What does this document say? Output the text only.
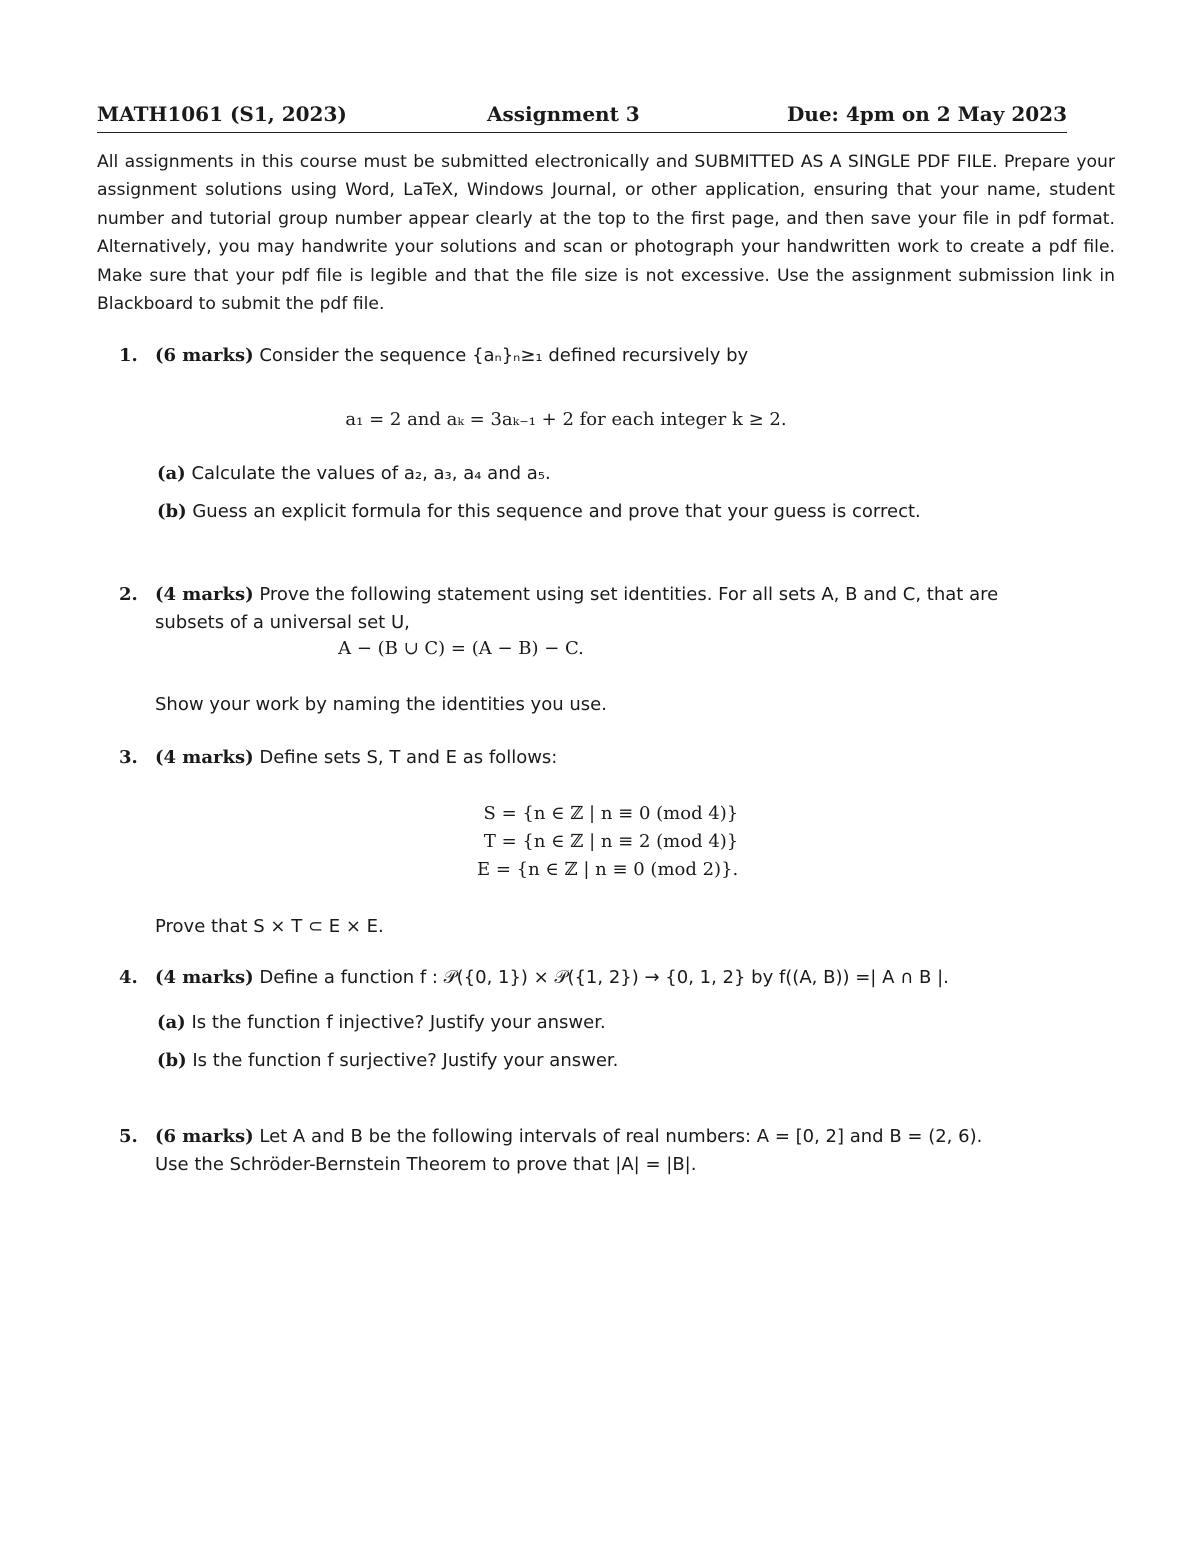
MATH1061 (S1, 2023)	Assignment 3	Due: 4pm on 2 May 2023
All assignments in this course must be submitted electronically and SUBMITTED AS A SINGLE PDF FILE. Prepare your assignment solutions using Word, LaTeX, Windows Journal, or other application, ensuring that your name, student number and tutorial group number appear clearly at the top to the first page, and then save your file in pdf format. Alternatively, you may handwrite your solutions and scan or photograph your handwritten work to create a pdf file. Make sure that your pdf file is legible and that the file size is not excessive. Use the assignment submission link in Blackboard to submit the pdf file.
1. (6 marks) Consider the sequence {aₙ}ₙ≥₁ defined recursively by
a₁ = 2 and aₖ = 3aₖ₋₁ + 2 for each integer k ≥ 2.
(a) Calculate the values of a₂, a₃, a₄ and a₅.
(b) Guess an explicit formula for this sequence and prove that your guess is correct.
2. (4 marks) Prove the following statement using set identities. For all sets A, B and C, that are
subsets of a universal set U,
Show your work by naming the identities you use.
A − (B ∪ C) = (A − B) − C.
3. (4 marks) Define sets S, T and E as follows:
S = {n ∈ ℤ | n ≡ 0 (mod 4)}
T = {n ∈ ℤ | n ≡ 2 (mod 4)}
E = {n ∈ ℤ | n ≡ 0 (mod 2)}.
Prove that S × T ⊂ E × E.
4. (4 marks) Define a function f : 𝒫({0, 1}) × 𝒫({1, 2}) → {0, 1, 2} by f((A, B)) =| A ∩ B |.
(a) Is the function f injective? Justify your answer.
(b) Is the function f surjective? Justify your answer.
5. (6 marks) Let A and B be the following intervals of real numbers: A = [0, 2] and B = (2, 6).
Use the Schröder-Bernstein Theorem to prove that |A| = |B|.
